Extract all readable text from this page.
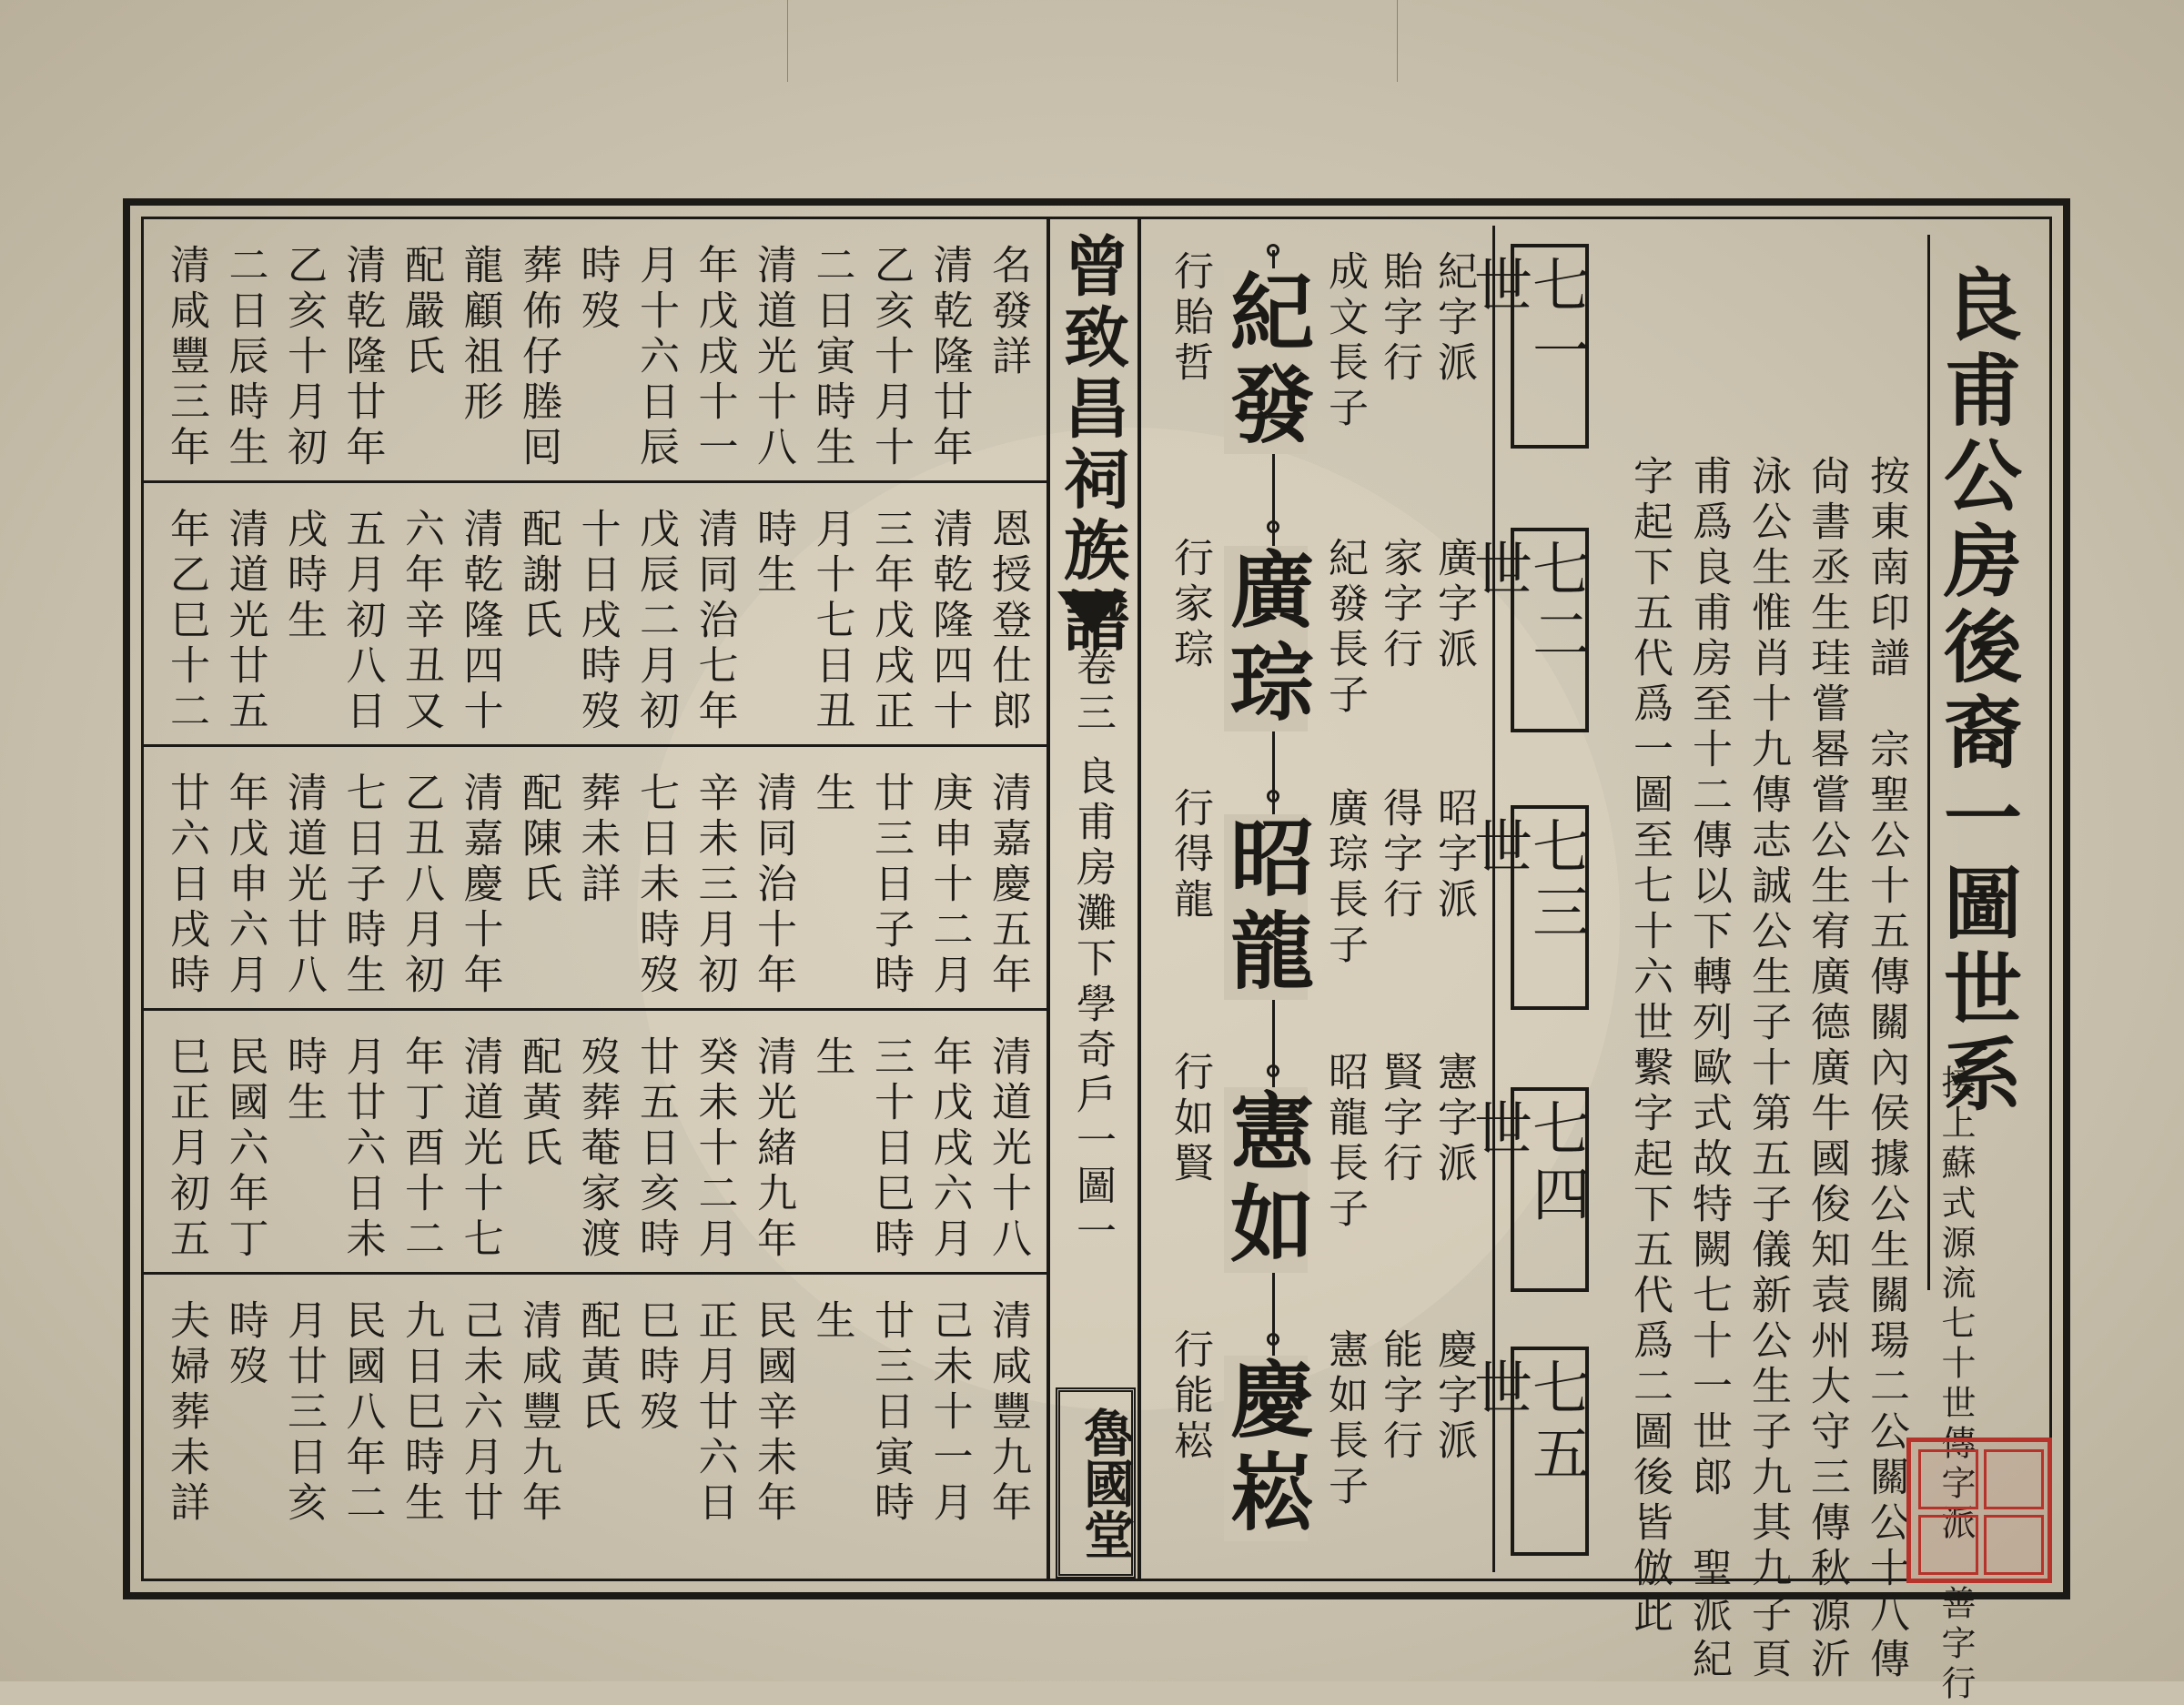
良甫公房後裔一圖世系
接上蘇式源流七十世傳字派　善字行
按東南印譜　宗聖公十五傳關內侯據公生關瑒二公關公十八傳
尙書丞生珪嘗晷嘗公生宥廣德廣牛國俊知袁州大守三傳秋源沂
泳公生惟肖十九傳志誠公生子十第五子儀新公生子九其九子頁
甫爲良甫房至十二傳以下轉列歐式故特闕七十一世郎　聖派紀
字起下五代爲一圖至七十六世繫字起下五代爲二圖後皆倣此
七一世
七二世
七三世
七四世
七五世
紀字派
貽字行
成文長子
行貽哲
廣字派
家字行
紀發長子
行家琮
昭字派
得字行
廣琮長子
行得龍
憲字派
賢字行
昭龍長子
行如賢
慶字派
能字行
憲如長子
行能崧
紀發
廣琮
昭龍
憲如
慶崧
曾致昌祠族譜
卷三
良甫房灘下學奇戶一圖
一
魯國堂
名發詳
清乾隆廿年
乙亥十月十
二日寅時生
清道光十八
年戊戌十一
月十六日辰
時歿
葬佈仔塍囘
龍顧祖形
配嚴氏
清乾隆廿年
乙亥十月初
二日辰時生
清咸豐三年
恩授登仕郎
清乾隆四十
三年戊戌正
月十七日丑
時生
清同治七年
戊辰二月初
十日戌時歿
配謝氏
清乾隆四十
六年辛丑又
五月初八日
戌時生
清道光廿五
年乙巳十二
清嘉慶五年
庚申十二月
廿三日子時
生
清同治十年
辛未三月初
七日未時歿
葬未詳
配陳氏
清嘉慶十年
乙丑八月初
七日子時生
清道光廿八
年戊申六月
廿六日戌時
清道光十八
年戊戌六月
三十日巳時
生
清光緒九年
癸未十二月
廿五日亥時
歿葬菴家渡
配黃氏
清道光十七
年丁酉十二
月廿六日未
時生
民國六年丁
巳正月初五
清咸豐九年
己未十一月
廿三日寅時
生
民國辛未年
正月廿六日
巳時歿
配黃氏
清咸豐九年
己未六月廿
九日巳時生
民國八年二
月廿三日亥
時歿
夫婦葬未詳
